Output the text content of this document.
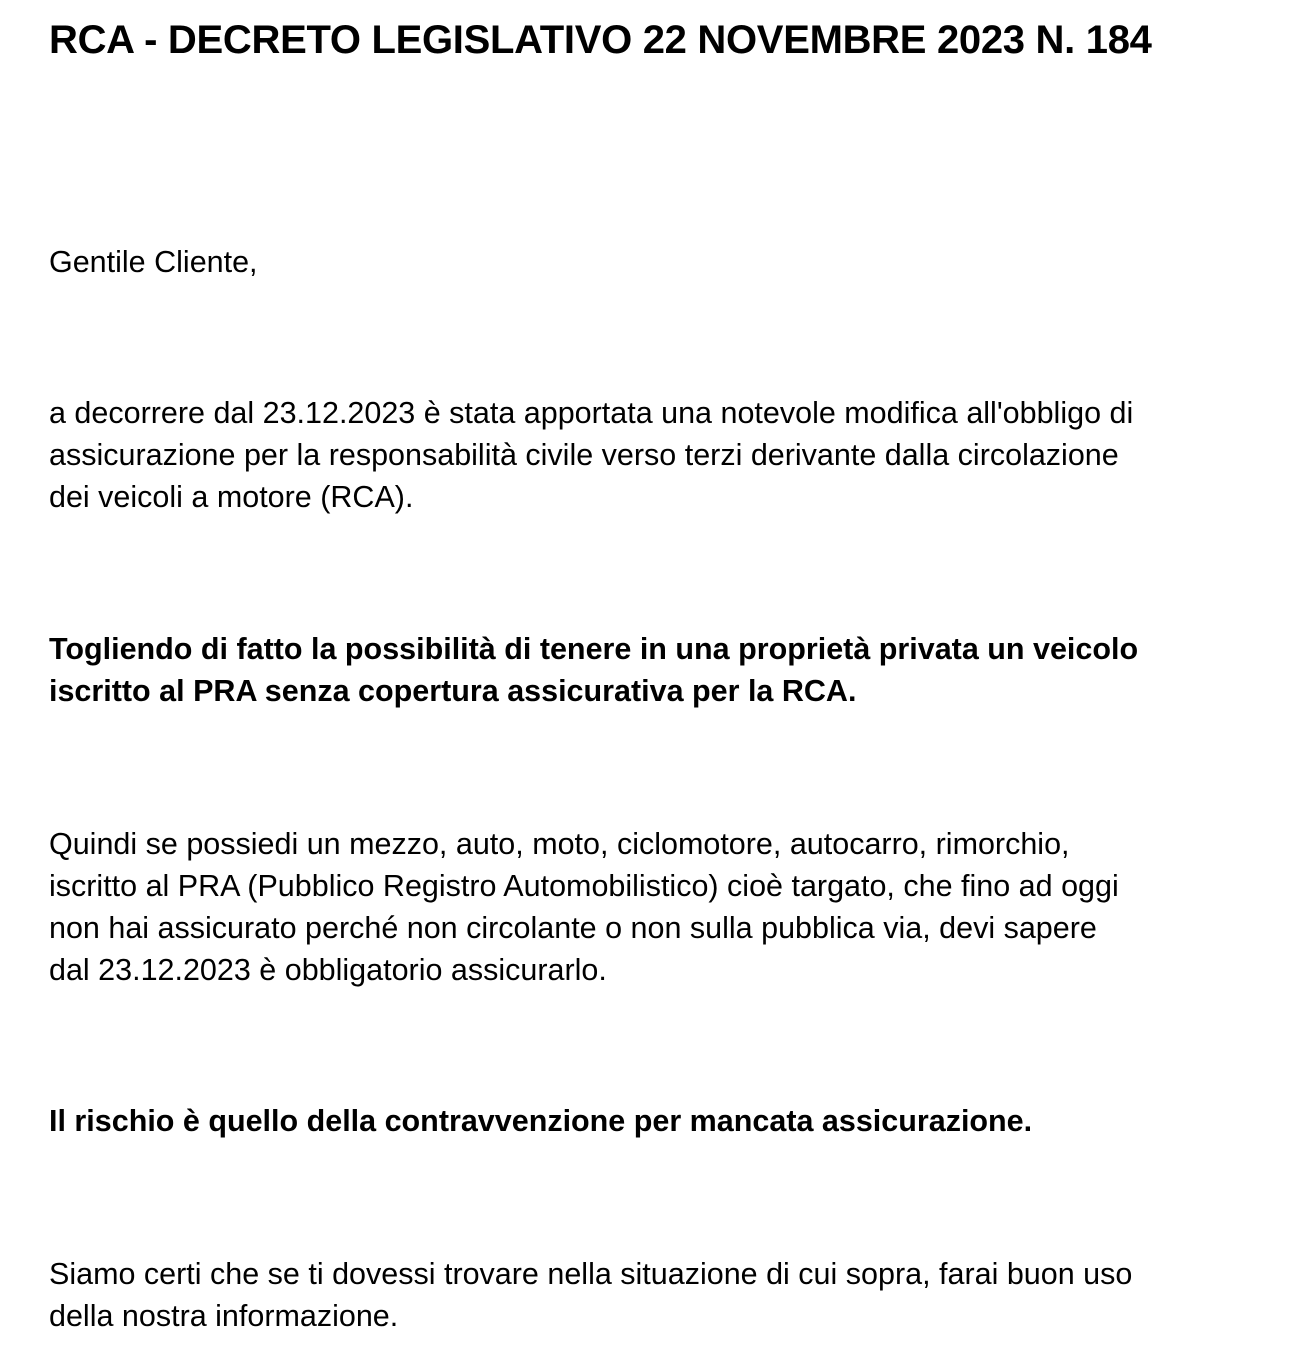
RCA - DECRETO LEGISLATIVO 22 NOVEMBRE 2023 N. 184

Gentile Cliente,

a decorrere dal 23.12.2023 è stata apportata una notevole modifica all'obbligo di
assicurazione per la responsabilità civile verso terzi derivante dalla circolazione
dei veicoli a motore (RCA).

Togliendo di fatto la possibilità di tenere in una proprietà privata un veicolo
iscritto al PRA senza copertura assicurativa per la RCA.

Quindi se possiedi un mezzo, auto, moto, ciclomotore, autocarro, rimorchio,
iscritto al PRA (Pubblico Registro Automobilistico) cioè targato, che fino ad oggi
non hai assicurato perché non circolante o non sulla pubblica via, devi sapere
dal 23.12.2023 è obbligatorio assicurarlo.

Il rischio è quello della contravvenzione per mancata assicurazione.

Siamo certi che se ti dovessi trovare nella situazione di cui sopra, farai buon uso
della nostra informazione.
